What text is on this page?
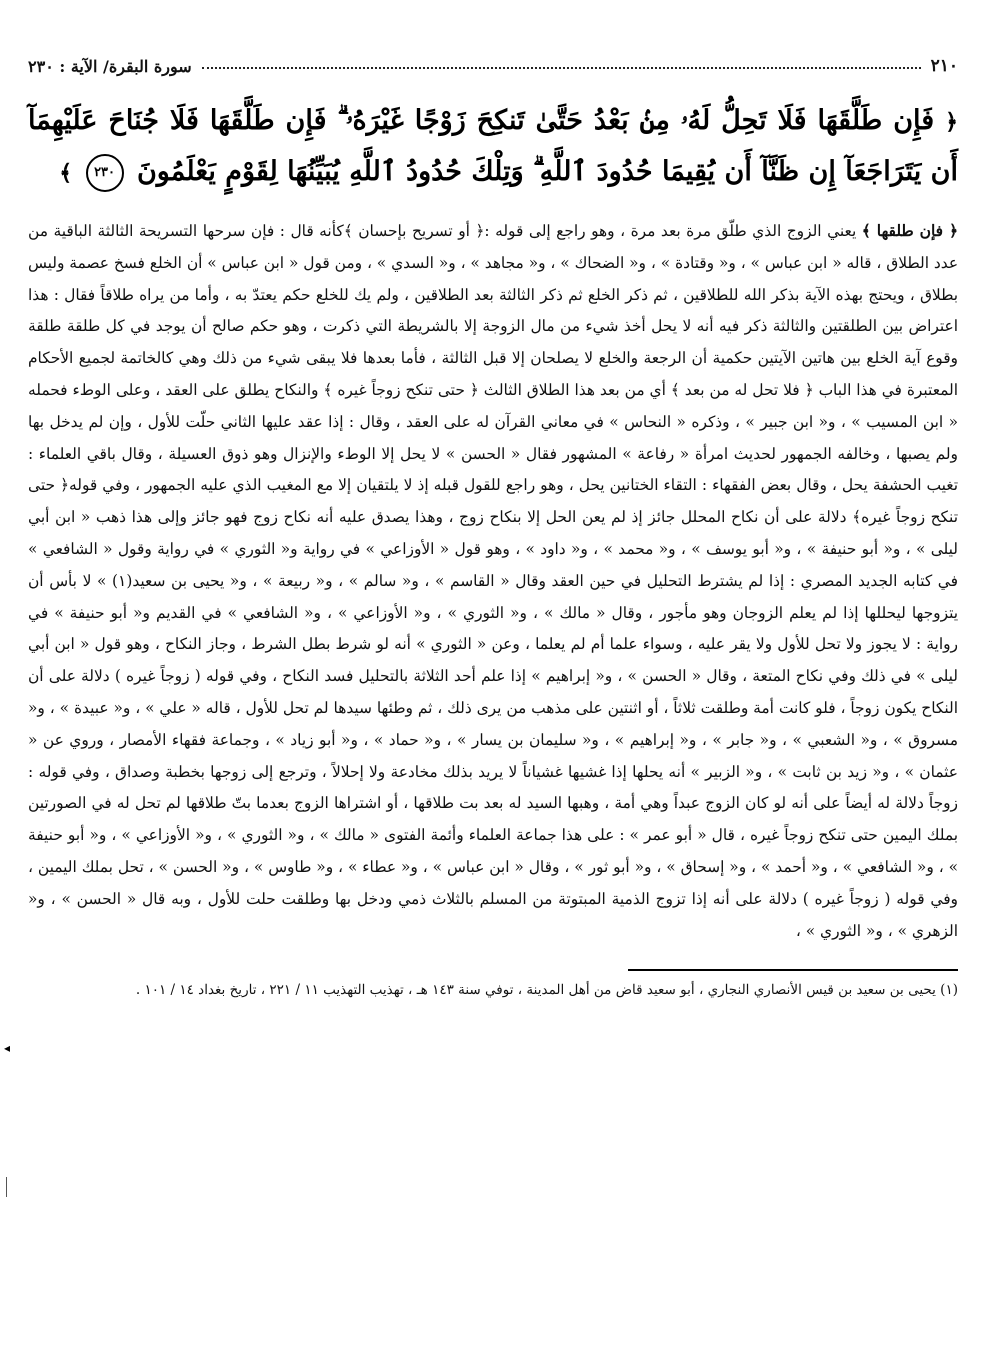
٢١٠
سورة البقرة/ الآية : ٢٣٠
﴿ فَإِن طَلَّقَهَا فَلَا تَحِلُّ لَهُۥ مِنۢ بَعْدُ حَتَّىٰ تَنكِحَ زَوْجًا غَيْرَهُۥ ۗ فَإِن طَلَّقَهَا فَلَا جُنَاحَ عَلَيْهِمَآ أَن يَتَرَاجَعَآ إِن ظَنَّآ أَن يُقِيمَا حُدُودَ ٱللَّهِ ۗ وَتِلْكَ حُدُودُ ٱللَّهِ يُبَيِّنُهَا لِقَوْمٍ يَعْلَمُونَ ٢٣٠ ﴾

﴿ فإن طلقها ﴾ يعني الزوج الذي طلّق مرة بعد مرة ، وهو راجع إلى قوله :﴿ أو تسريح بإحسان ﴾كأنه قال : فإن سرحها التسريحة الثالثة الباقية من عدد الطلاق ، قاله « ابن عباس » ، و« وقتادة » ، و« الضحاك » ، و« مجاهد » ، و« السدي » ، ومن قول « ابن عباس » أن الخلع فسخ عصمة وليس بطلاق ، ويحتج بهذه الآية بذكر الله للطلاقين ، ثم ذكر الخلع ثم ذكر الثالثة بعد الطلاقين ، ولم يك للخلع حكم يعتدّ به ، وأما من يراه طلاقاً فقال : هذا اعتراض بين الطلقتين والثالثة ذكر فيه أنه لا يحل أخذ شيء من مال الزوجة إلا بالشريطة التي ذكرت ، وهو حكم صالح أن يوجد في كل طلقة طلقة وقوع آية الخلع بين هاتين الآيتين حكمية أن الرجعة والخلع لا يصلحان إلا قبل الثالثة ، فأما بعدها فلا يبقى شيء من ذلك وهي كالخاتمة لجميع الأحكام المعتبرة في هذا الباب ﴿ فلا تحل له من بعد ﴾ أي من بعد هذا الطلاق الثالث ﴿ حتى تنكح زوجاً غيره ﴾ والنكاح يطلق على العقد ، وعلى الوطء فحمله « ابن المسيب » ، و« ابن جبير » ، وذكره « النحاس » في معاني القرآن له على العقد ، وقال : إذا عقد عليها الثاني حلّت للأول ، وإن لم يدخل بها ولم يصبها ، وخالفه الجمهور لحديث امرأة « رفاعة » المشهور فقال « الحسن » لا يحل إلا الوطء والإنزال وهو ذوق العسيلة ، وقال باقي العلماء : تغيب الحشفة يحل ، وقال بعض الفقهاء : التقاء الختانين يحل ، وهو راجع للقول قبله إذ لا يلتقيان إلا مع المغيب الذي عليه الجمهور ، وفي قوله﴿ حتى تنكح زوجاً غيره﴾ دلالة على أن نكاح المحلل جائز إذ لم يعن الحل إلا بنكاح زوج ، وهذا يصدق عليه أنه نكاح زوج فهو جائز وإلى هذا ذهب « ابن أبي ليلى » ، و« أبو حنيفة » ، و« أبو يوسف » ، و« محمد » ، و« داود » ، وهو قول « الأوزاعي » في رواية و« الثوري » في رواية وقول « الشافعي » في كتابه الجديد المصري : إذا لم يشترط التحليل في حين العقد وقال « القاسم » ، و« سالم » ، و« ربيعة » ، و« يحيى بن سعيد(١) » لا بأس أن يتزوجها ليحللها إذا لم يعلم الزوجان وهو مأجور ، وقال « مالك » ، و« الثوري » ، و« الأوزاعي » ، و« الشافعي » في القديم و« أبو حنيفة » في رواية : لا يجوز ولا تحل للأول ولا يقر عليه ، وسواء علما أم لم يعلما ، وعن « الثوري » أنه لو شرط بطل الشرط ، وجاز النكاح ، وهو قول « ابن أبي ليلى » في ذلك وفي نكاح المتعة ، وقال « الحسن » ، و« إبراهيم » إذا علم أحد الثلاثة بالتحليل فسد النكاح ، وفي قوله ( زوجاً غيره ) دلالة على أن النكاح يكون زوجاً ، فلو كانت أمة وطلقت ثلاثاً ، أو اثنتين على مذهب من يرى ذلك ، ثم وطئها سيدها لم تحل للأول ، قاله « علي » ، و« عبيدة » ، و« مسروق » ، و« الشعبي » ، و« جابر » ، و« إبراهيم » ، و« سليمان بن يسار » ، و« حماد » ، و« أبو زياد » ، وجماعة فقهاء الأمصار ، وروي عن « عثمان » ، و« زيد بن ثابت » ، و« الزبير » أنه يحلها إذا غشيها غشياناً لا يريد بذلك مخادعة ولا إحلالاً ، وترجع إلى زوجها بخطبة وصداق ، وفي قوله : زوجاً دلالة له أيضاً على أنه لو كان الزوج عبداً وهي أمة ، وهبها السيد له بعد بت طلاقها ، أو اشتراها الزوج بعدما بتّ طلاقها لم تحل له في الصورتين بملك اليمين حتى تنكح زوجاً غيره ، قال « أبو عمر » : على هذا جماعة العلماء وأئمة الفتوى « مالك » ، و« الثوري » ، و« الأوزاعي » ، و« أبو حنيفة » ، و« الشافعي » ، و« أحمد » ، و« إسحاق » ، و« أبو ثور » ، وقال « ابن عباس » ، و« عطاء » ، و« طاوس » ، و« الحسن » ، تحل بملك اليمين ، وفي قوله ( زوجاً غيره ) دلالة على أنه إذا تزوج الذمية المبتوتة من المسلم بالثلاث ذمي ودخل بها وطلقت حلت للأول ، وبه قال « الحسن » ، و« الزهري » ، و« الثوري » ،

(١) يحيى بن سعيد بن قيس الأنصاري النجاري ، أبو سعيد قاض من أهل المدينة ، توفي سنة ١٤٣ هـ ، تهذيب التهذيب ١١ / ٢٢١ ، تاريخ بغداد ١٤ / ١٠١ .
◂
